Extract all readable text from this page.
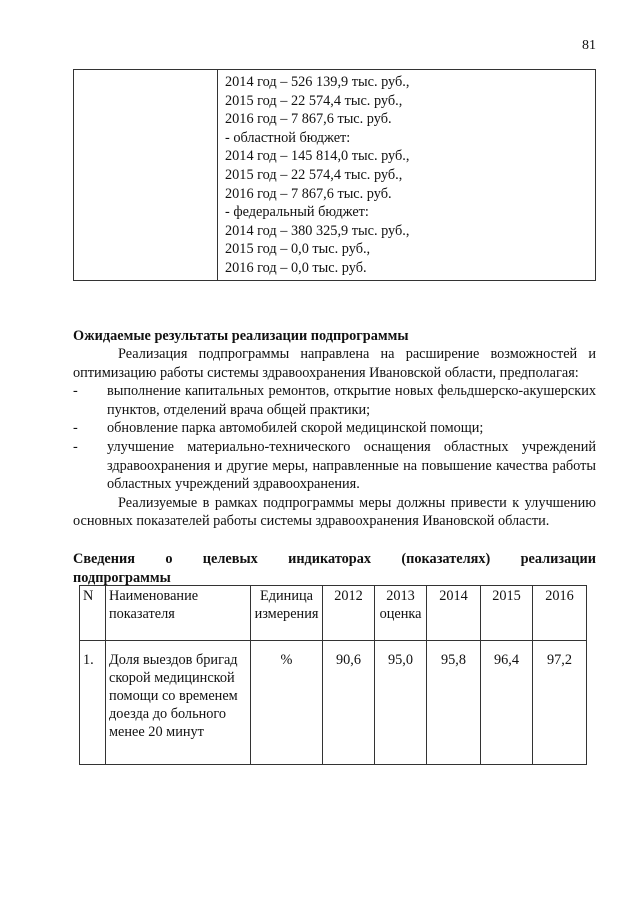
81

2014 год – 526 139,9 тыс. руб.,
2015 год – 22 574,4 тыс. руб.,
2016 год – 7 867,6 тыс. руб.
- областной бюджет:
2014 год – 145 814,0 тыс. руб.,
2015 год – 22 574,4 тыс. руб.,
2016 год – 7 867,6 тыс. руб.
- федеральный бюджет:
2014 год – 380 325,9 тыс. руб.,
2015 год – 0,0 тыс. руб.,
2016 год – 0,0 тыс. руб.
Ожидаемые результаты реализации подпрограммы
Реализация подпрограммы направлена на расширение возможностей и оптимизацию работы системы здравоохранения Ивановской области, предполагая:
- выполнение капитальных ремонтов, открытие новых фельдшерско-акушерских пунктов, отделений врача общей практики;
- обновление парка автомобилей скорой медицинской помощи;
- улучшение материально-технического оснащения областных учреждений здравоохранения и другие меры, направленные на повышение качества работы областных учреждений здравоохранения.
Реализуемые в рамках подпрограммы меры должны привести к улучшению основных показателей работы системы здравоохранения Ивановской области.
Сведения о целевых индикаторах (показателях) реализации
подпрограммы
N	Наименование показателя	Единица измерения	2012	2013 оценка	2014	2015	2016
1.	Доля выездов бригад скорой медицинской помощи со временем доезда до больного менее 20 минут	%	90,6	95,0	95,8	96,4	97,2
